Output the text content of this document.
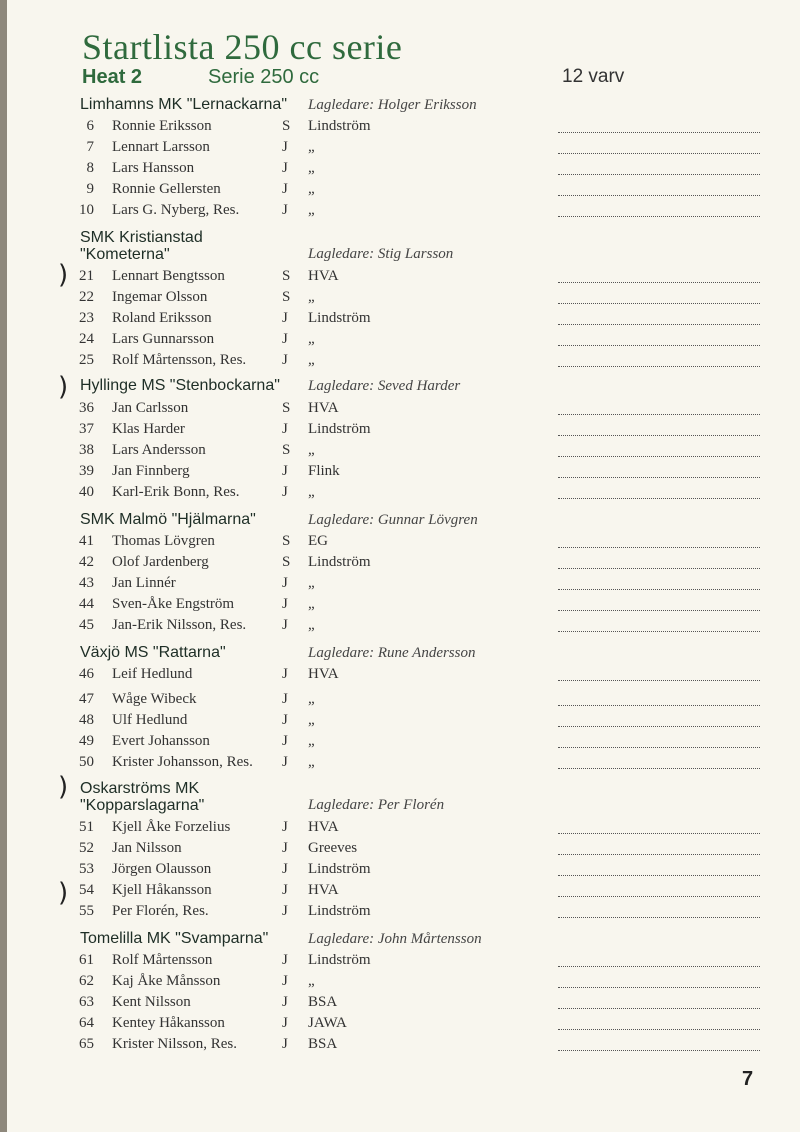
Startlista 250 cc serie
Heat 2	Serie 250 cc	12 varv
Limhamns MK "Lernackarna" Lagledare: Holger Eriksson
6 Ronnie Eriksson	S Lindström
7 Lennart Larsson	J „
8 Lars Hansson	J „
9 Ronnie Gellersten	J „
10 Lars G. Nyberg, Res.	J „
SMK Kristianstad
"Kometerna"	Lagledare: Stig Larsson
) 21 Lennart Bengtsson	S HVA
22 Ingemar Olsson	S „
23 Roland Eriksson	J Lindström
24 Lars Gunnarsson	J „
25 Rolf Mårtensson, Res. J „
) Hyllinge MS "Stenbockarna" Lagledare: Seved Harder
36 Jan Carlsson	S HVA
37 Klas Harder	J Lindström
38 Lars Andersson	S „
39 Jan Finnberg	J Flink
40 Karl-Erik Bonn, Res.	J „
SMK Malmö "Hjälmarna"	Lagledare: Gunnar Lövgren
41 Thomas Lövgren	S EG
42 Olof Jardenberg	S Lindström
43 Jan Linnér	J „
44 Sven-Åke Engström	J „
45 Jan-Erik Nilsson, Res. J „
Växjö MS "Rattarna"	Lagledare: Rune Andersson
46 Leif Hedlund	J HVA
47 Wåge Wibeck	J „
48 Ulf Hedlund	J „
49 Evert Johansson	J „
50 Krister Johansson, Res. J „
) Oskarströms MK
"Kopparslagarna"	Lagledare: Per Florén
51 Kjell Åke Forzelius	J HVA
52 Jan Nilsson	J Greeves
53 Jörgen Olausson	J Lindström
) 54 Kjell Håkansson	J HVA
55 Per Florén, Res.	J Lindström
Tomelilla MK "Svamparna"	Lagledare: John Mårtensson
61 Rolf Mårtensson	J Lindström
62 Kaj Åke Månsson	J „
63 Kent Nilsson	J BSA
64 Kentey Håkansson	J JAWA
65 Krister Nilsson, Res.	J BSA
7
